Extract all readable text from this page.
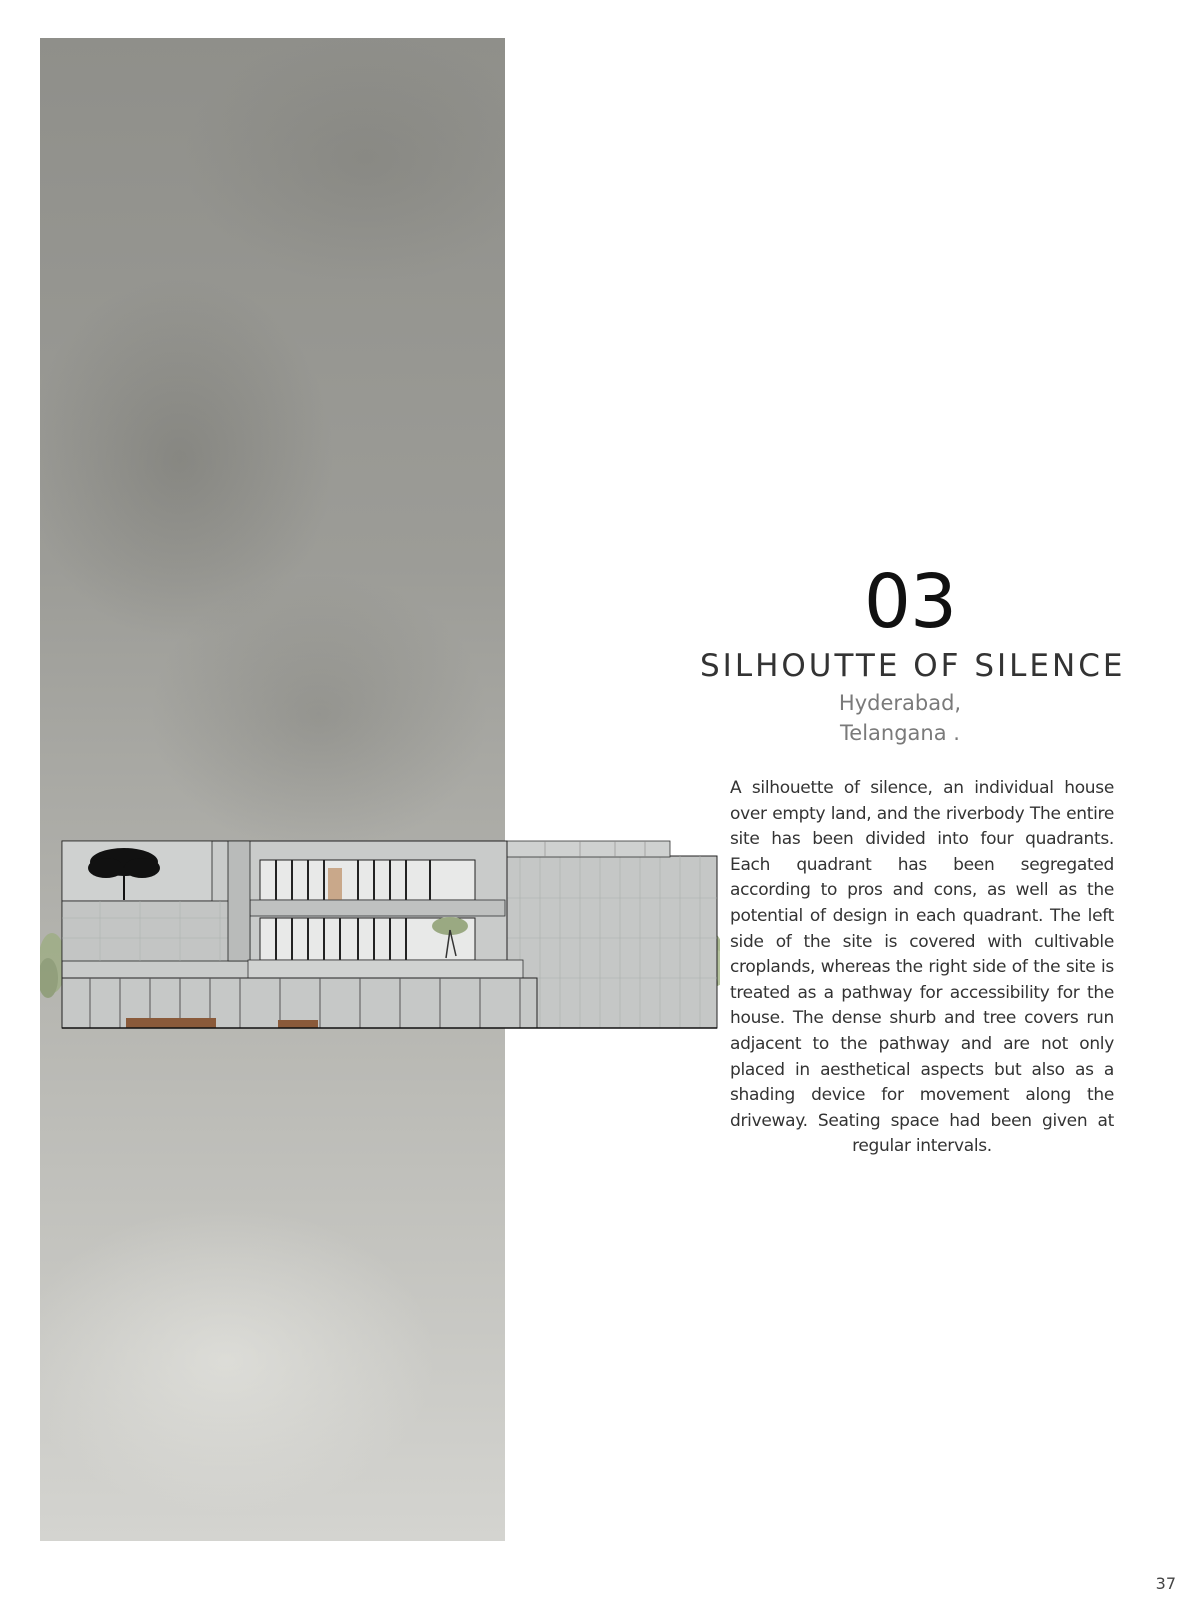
03
SILHOUTTE OF SILENCE
Hyderabad,
Telangana .

A silhouette of silence, an individual house over empty land, and the riverbody The entire site has been divided into four quadrants. Each quadrant has been segregated according to pros and cons, as well as the potential of design in each quadrant. The left side of the site is covered with cultivable croplands, whereas the right side of the site is treated as a pathway for accessibility for the house. The dense shurb and tree covers run adjacent to the pathway and are not only placed in aesthetical aspects but also as a shading device for movement along the driveway. Seating space had been given at regular intervals.

37
